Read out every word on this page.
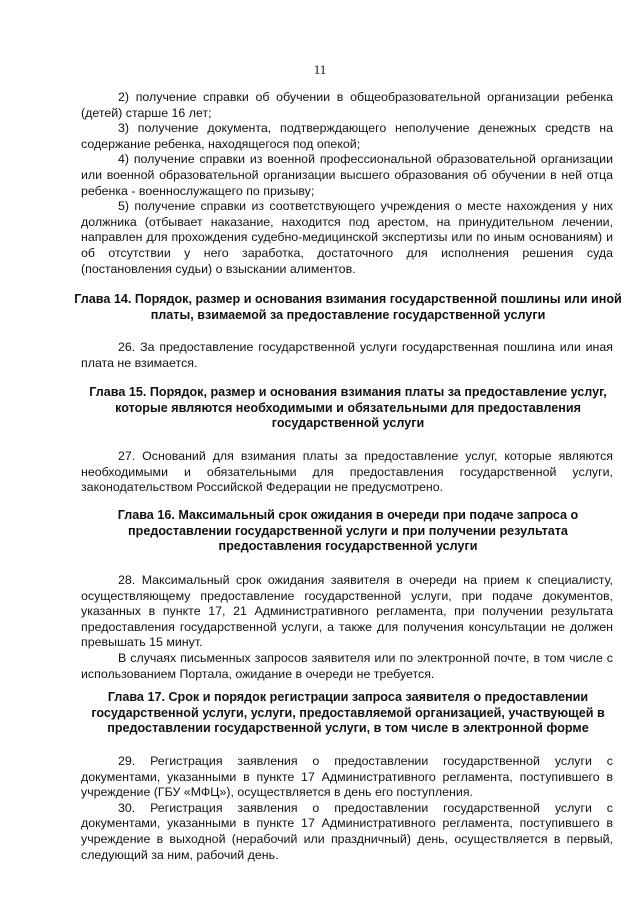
11

2) получение справки об обучении в общеобразовательной организации ребенка (детей) старше 16 лет;

3) получение документа, подтверждающего неполучение денежных средств на содержание ребенка, находящегося под опекой;

4) получение справки из военной профессиональной образовательной организации или военной образовательной организации высшего образования об обучении в ней отца ребенка - военнослужащего по призыву;

5) получение справки из соответствующего учреждения о месте нахождения у них должника (отбывает наказание, находится под арестом, на принудительном лечении, направлен для прохождения судебно-медицинской экспертизы или по иным основаниям) и об отсутствии у него заработка, достаточного для исполнения решения суда (постановления судьи) о взыскании алиментов.

Глава 14. Порядок, размер и основания взимания государственной пошлины или иной платы, взимаемой за предоставление государственной услуги

26. За предоставление государственной услуги государственная пошлина или иная плата не взимается.

Глава 15. Порядок, размер и основания взимания платы за предоставление услуг, которые являются необходимыми и обязательными для предоставления государственной услуги

27. Оснований для взимания платы за предоставление услуг, которые являются необходимыми и обязательными для предоставления государственной услуги, законодательством Российской Федерации не предусмотрено.

Глава 16. Максимальный срок ожидания в очереди при подаче запроса о предоставлении государственной услуги и при получении результата предоставления государственной услуги

28. Максимальный срок ожидания заявителя в очереди на прием к специалисту, осуществляющему предоставление государственной услуги, при подаче документов, указанных в пункте 17, 21 Административного регламента, при получении результата предоставления государственной услуги, а также для получения консультации не должен превышать 15 минут.

В случаях письменных запросов заявителя или по электронной почте, в том числе с использованием Портала, ожидание в очереди не требуется.

Глава 17. Срок и порядок регистрации запроса заявителя о предоставлении государственной услуги, услуги, предоставляемой организацией, участвующей в предоставлении государственной услуги, в том числе в электронной форме

29. Регистрация заявления о предоставлении государственной услуги с документами, указанными в пункте 17 Административного регламента, поступившего в учреждение (ГБУ «МФЦ»), осуществляется в день его поступления.

30. Регистрация заявления о предоставлении государственной услуги с документами, указанными в пункте 17 Административного регламента, поступившего в учреждение в выходной (нерабочий или праздничный) день, осуществляется в первый, следующий за ним, рабочий день.
